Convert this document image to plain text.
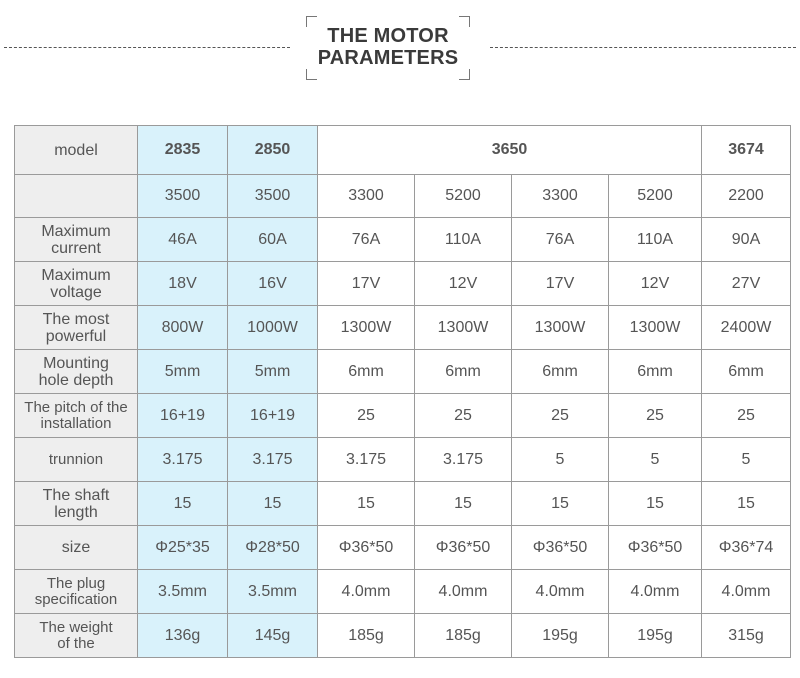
THE MOTOR
PARAMETERS
model	2835	2850	3650				3674
	3500	3500	3300	5200	3300	5200	2200

Maximum
current	46A	60A	76A	110A	76A	110A	90A

Maximum
voltage	18V	16V	17V	12V	17V	12V	27V

The most
powerful	800W	1000W	1300W	1300W	1300W	1300W	2400W

Mounting
hole depth	5mm	5mm	6mm	6mm	6mm	6mm	6mm

The pitch of the
installation	16+19	16+19	25	25	25	25	25

trunnion	3.175	3.175	3.175	3.175	5	5	5

The shaft
length	15	15	15	15	15	15	15

size	Φ25*35	Φ28*50	Φ36*50	Φ36*50	Φ36*50	Φ36*50	Φ36*74

The plug
specification	3.5mm	3.5mm	4.0mm	4.0mm	4.0mm	4.0mm	4.0mm

The weight
of the	136g	145g	185g	185g	195g	195g	315g
